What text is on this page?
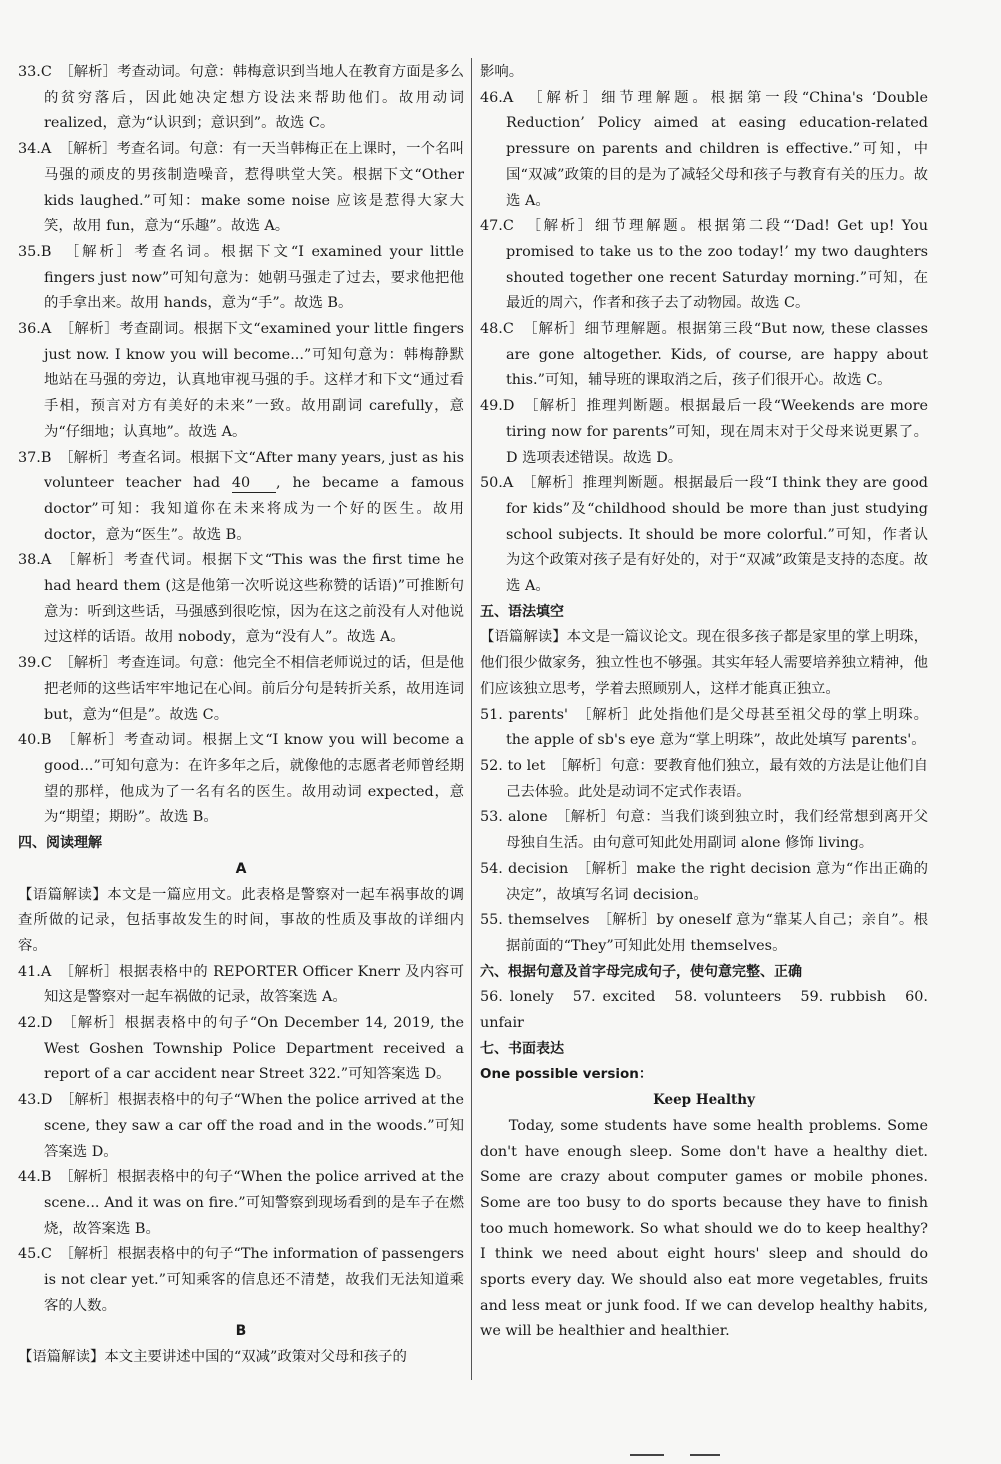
33.C　 ［解析］考查动词。句意：韩梅意识到当地人在教育方面是多么的贫穷落后，因此她决定想方设法来帮助他们。故用动词 realized，意为“认识到；意识到”。故选 C。
34.A　 ［解析］考查名词。句意：有一天当韩梅正在上课时，一个名叫马强的顽皮的男孩制造噪音，惹得哄堂大笑。根据下文“Other kids laughed.”可知：make some noise 应该是惹得大家大笑，故用 fun，意为“乐趣”。故选 A。
35.B　 ［解析］考查名词。根据下文“I examined your little fingers just now”可知句意为：她朝马强走了过去，要求他把他的手拿出来。故用 hands，意为“手”。故选 B。
36.A　 ［解析］考查副词。根据下文“examined your little fingers just now. I know you will become...”可知句意为：韩梅静默地站在马强的旁边，认真地审视马强的手。这样才和下文“通过看手相，预言对方有美好的未来”一致。故用副词 carefully，意为“仔细地；认真地”。故选 A。
37.B　 ［解析］考查名词。根据下文“After many years, just as his volunteer teacher had 40 , he became a famous doctor”可知：我知道你在未来将成为一个好的医生。故用 doctor，意为“医生”。故选 B。
38.A　 ［解析］考查代词。根据下文“This was the first time he had heard them (这是他第一次听说这些称赞的话语)”可推断句意为：听到这些话，马强感到很吃惊，因为在这之前没有人对他说过这样的话语。故用 nobody，意为“没有人”。故选 A。
39.C　 ［解析］考查连词。句意：他完全不相信老师说过的话，但是他把老师的这些话牢牢地记在心间。前后分句是转折关系，故用连词 but，意为“但是”。故选 C。
40.B　 ［解析］考查动词。根据上文“I know you will become a good...”可知句意为：在许多年之后，就像他的志愿者老师曾经期望的那样，他成为了一名有名的医生。故用动词 expected，意为“期望；期盼”。故选 B。
四、阅读理解
A
【语篇解读】本文是一篇应用文。此表格是警察对一起车祸事故的调查所做的记录，包括事故发生的时间，事故的性质及事故的详细内容。
41.A　 ［解析］根据表格中的 REPORTER Officer Knerr 及内容可知这是警察对一起车祸做的记录，故答案选 A。
42.D　 ［解析］根据表格中的句子“On December 14, 2019, the West Goshen Township Police Department received a report of a car accident near Street 322.”可知答案选 D。
43.D　 ［解析］根据表格中的句子“When the police arrived at the scene, they saw a car off the road and in the woods.”可知答案选 D。
44.B　 ［解析］根据表格中的句子“When the police arrived at the scene... And it was on fire.”可知警察到现场看到的是车子在燃烧，故答案选 B。
45.C　 ［解析］根据表格中的句子“The information of passengers is not clear yet.”可知乘客的信息还不清楚，故我们无法知道乘客的人数。
B
【语篇解读】本文主要讲述中国的“双减”政策对父母和孩子的
影响。
46.A　 ［解析］细节理解题。根据第一段“China's ‘Double Reduction’ Policy aimed at easing education-related pressure on parents and children is effective.”可知，中国“双减”政策的目的是为了减轻父母和孩子与教育有关的压力。故选 A。
47.C　 ［解析］细节理解题。根据第二段“‘Dad! Get up! You promised to take us to the zoo today!’ my two daughters shouted together one recent Saturday morning.”可知，在最近的周六，作者和孩子去了动物园。故选 C。
48.C　 ［解析］细节理解题。根据第三段“But now, these classes are gone altogether. Kids, of course, are happy about this.”可知，辅导班的课取消之后，孩子们很开心。故选 C。
49.D　 ［解析］推理判断题。根据最后一段“Weekends are more tiring now for parents”可知，现在周末对于父母来说更累了。D 选项表述错误。故选 D。
50.A　 ［解析］推理判断题。根据最后一段“I think they are good for kids”及“childhood should be more than just studying school subjects. It should be more colorful.”可知，作者认为这个政策对孩子是有好处的，对于“双减”政策是支持的态度。故选 A。
五、语法填空
【语篇解读】本文是一篇议论文。现在很多孩子都是家里的掌上明珠，他们很少做家务，独立性也不够强。其实年轻人需要培养独立精神，他们应该独立思考，学着去照顾别人，这样才能真正独立。
51. parents'　 ［解析］此处指他们是父母甚至祖父母的掌上明珠。the apple of sb's eye 意为“掌上明珠”，故此处填写 parents'。
52. to let　 ［解析］句意：要教育他们独立，最有效的方法是让他们自己去体验。此处是动词不定式作表语。
53. alone　 ［解析］句意：当我们谈到独立时，我们经常想到离开父母独自生活。由句意可知此处用副词 alone 修饰 living。
54. decision　 ［解析］make the right decision 意为“作出正确的决定”，故填写名词 decision。
55. themselves　 ［解析］by oneself 意为“靠某人自己；亲自”。根据前面的“They”可知此处用 themselves。
六、根据句意及首字母完成句子，使句意完整、正确
56. lonely　57. excited　58. volunteers　59. rubbish　60. unfair
七、书面表达
One possible version：
Keep Healthy
Today, some students have some health problems. Some don't have enough sleep. Some don't have a healthy diet. Some are crazy about computer games or mobile phones. Some are too busy to do sports because they have to finish too much homework. So what should we do to keep healthy? I think we need about eight hours' sleep and should do sports every day. We should also eat more vegetables, fruits and less meat or junk food. If we can develop healthy habits, we will be healthier and healthier.
